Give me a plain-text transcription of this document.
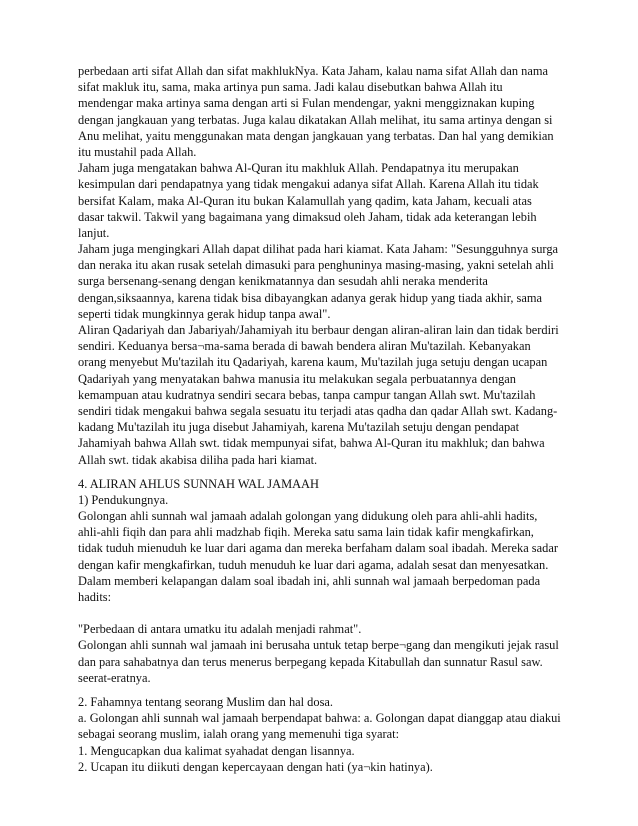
perbedaan arti sifat Allah dan sifat makhlukNya. Kata Jaham, kalau nama sifat Allah dan nama
sifat makluk itu, sama, maka artinya pun sama. Jadi kalau disebutkan bahwa Allah itu
mendengar maka artinya sama dengan arti si Fulan mendengar, yakni menggiznakan kuping
dengan jangkauan yang terbatas. Juga kalau dikatakan Allah melihat, itu sama artinya dengan si
Anu melihat, yaitu menggunakan mata dengan jangkauan yang terbatas. Dan hal yang demikian
itu mustahil pada Allah.
Jaham juga mengatakan bahwa Al-Quran itu makhluk Allah. Pendapatnya itu merupakan
kesimpulan dari pendapatnya yang tidak mengakui adanya sifat Allah. Karena Allah itu tidak
bersifat Kalam, maka Al-Quran itu bukan Kalamullah yang qadim, kata Jaham, kecuali atas
dasar takwil. Takwil yang bagaimana yang dimaksud oleh Jaham, tidak ada keterangan lebih
lanjut.
Jaham juga mengingkari Allah dapat dilihat pada hari kiamat. Kata Jaham: "Sesungguhnya surga
dan neraka itu akan rusak setelah dimasuki para penghuninya masing-masing, yakni setelah ahli
surga bersenang-senang dengan kenikmatannya dan sesudah ahli neraka menderita
dengan,siksaannya, karena tidak bisa dibayangkan adanya gerak hidup yang tiada akhir, sama
seperti tidak mungkinnya gerak hidup tanpa awal".
Aliran Qadariyah dan Jabariyah/Jahamiyah itu berbaur dengan aliran-aliran lain dan tidak berdiri
sendiri. Keduanya bersa¬ma-sama berada di bawah bendera aliran Mu'tazilah. Kebanyakan
orang menyebut Mu'tazilah itu Qadariyah, karena kaum, Mu'tazilah juga setuju dengan ucapan
Qadariyah yang menyatakan bahwa manusia itu melakukan segala perbuatannya dengan
kemampuan atau kudratnya sendiri secara bebas, tanpa campur tangan Allah swt. Mu'tazilah
sendiri tidak mengakui bahwa segala sesuatu itu terjadi atas qadha dan qadar Allah swt. Kadang-
kadang Mu'tazilah itu juga disebut Jahamiyah, karena Mu'tazilah setuju dengan pendapat
Jahamiyah bahwa Allah swt. tidak mempunyai sifat, bahwa Al-Quran itu makhluk; dan bahwa
Allah swt. tidak akabisa diliha pada hari kiamat.
4. ALIRAN AHLUS SUNNAH WAL JAMAAH
1) Pendukungnya.
Golongan ahli sunnah wal jamaah adalah golongan yang didukung oleh para ahli-ahli hadits,
ahli-ahli fiqih dan para ahli madzhab fiqih. Mereka satu sama lain tidak kafir mengkafirkan,
tidak tuduh mienuduh ke luar dari agama dan mereka berfaham dalam soal ibadah. Mereka sadar
dengan kafir mengkafirkan, tuduh menuduh ke luar dari agama, adalah sesat dan menyesatkan.
Dalam memberi kelapangan dalam soal ibadah ini, ahli sunnah wal jamaah berpedoman pada
hadits:
"Perbedaan di antara umatku itu adalah menjadi rahmat".
Golongan ahli sunnah wal jamaah ini berusaha untuk tetap berpe¬gang dan mengikuti jejak rasul
dan para sahabatnya dan terus menerus berpegang kepada Kitabullah dan sunnatur Rasul saw.
seerat-eratnya.
2. Fahamnya tentang seorang Muslim dan hal dosa.
a. Golongan ahli sunnah wal jamaah berpendapat bahwa: a. Golongan dapat dianggap atau diakui
sebagai seorang muslim, ialah orang yang memenuhi tiga syarat:
1. Mengucapkan dua kalimat syahadat dengan lisannya.
2. Ucapan itu diikuti dengan kepercayaan dengan hati (ya¬kin hatinya).
